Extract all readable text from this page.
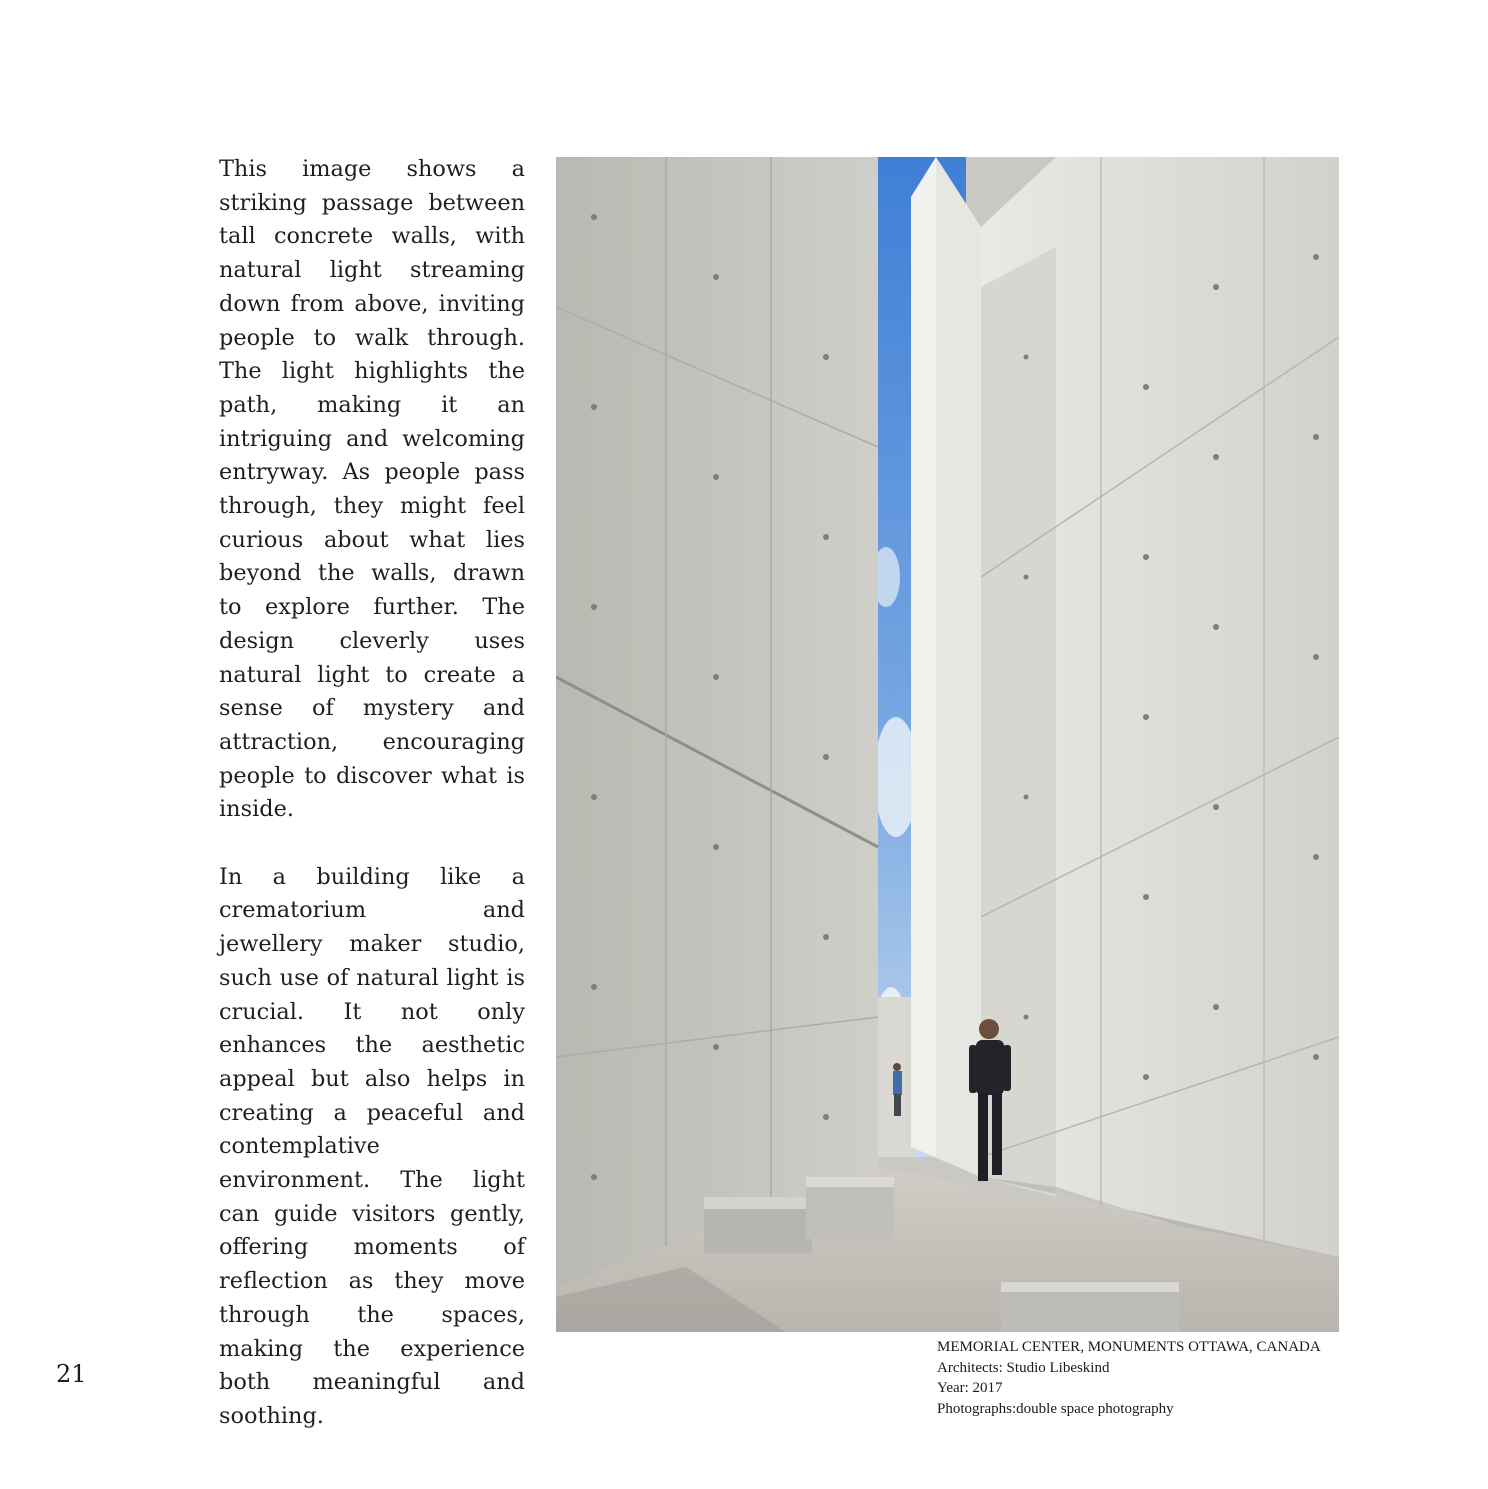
This image shows a striking passage between tall concrete walls, with natural light streaming down from above, inviting people to walk through. The light highlights the path, making it an intriguing and welcoming entryway. As people pass through, they might feel curious about what lies beyond the walls, drawn to explore further. The design cleverly uses natural light to create a sense of mystery and attraction, encouraging people to discover what is inside.

In a building like a crematorium and jewellery maker studio, such use of natural light is crucial. It not only enhances the aesthetic appeal but also helps in creating a peaceful and contemplative environment. The light can guide visitors gently, offering moments of reflection as they move through the spaces, making the experience both meaningful and soothing.

MEMORIAL CENTER, MONUMENTS OTTAWA, CANADA
Architects: Studio Libeskind
Year: 2017
Photographs:double space photography
21
